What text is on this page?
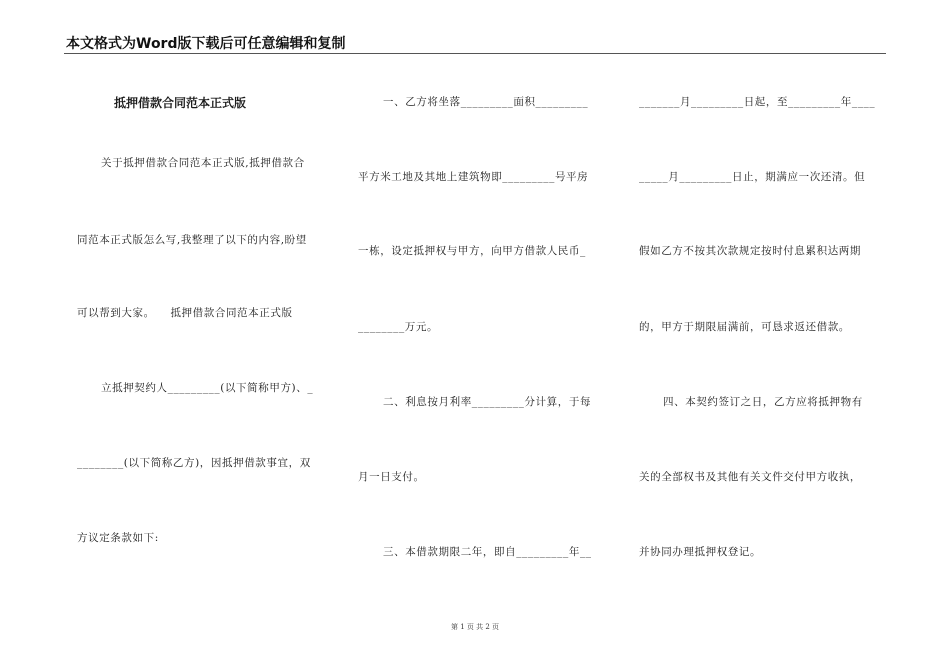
本文格式为Word版下载后可任意编辑和复制
抵押借款合同范本正式版
关于抵押借款合同范本正式版,抵押借款合
同范本正式版怎么写,我整理了以下的内容,盼望
可以帮到大家。    抵押借款合同范本正式版
立抵押契约人_________(以下简称甲方)、_
________(以下简称乙方)，因抵押借款事宜，双
方议定条款如下:
一、乙方将坐落_________面积_________
平方米工地及其地上建筑物即_________号平房
一栋，设定抵押权与甲方，向甲方借款人民币_
________万元。
二、利息按月利率_________分计算，于每
月一日支付。
三、本借款期限二年，即自_________年__
_______月_________日起，至_________年____
_____月_________日止，期满应一次还清。但
假如乙方不按其次款规定按时付息累积达两期
的，甲方于期限届满前，可恳求返还借款。
四、本契约签订之日，乙方应将抵押物有
关的全部权书及其他有关文件交付甲方收执，
并协同办理抵押权登记。
第 1 页 共 2 页
